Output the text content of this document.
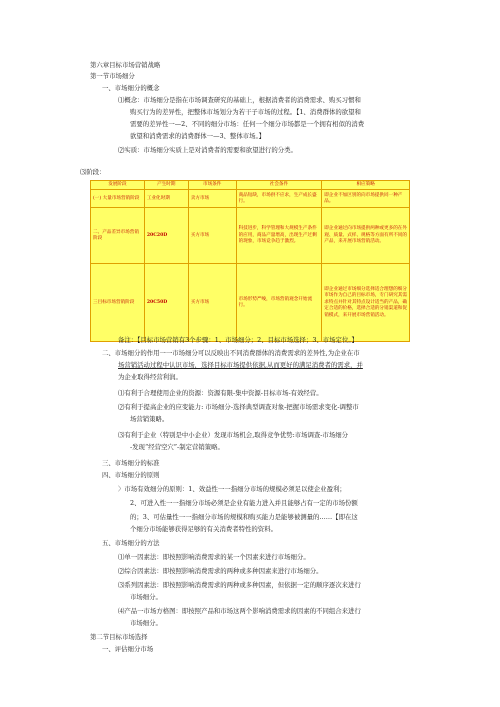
第六章目标市场营销战略
第一节市场细分
一、市场细分的概念
⑴概念：市场细分是指在市场调查研究的基础上，根据消费者的消费需求、购买习惯和
购买行为的差异性，把整体市场划分为若干子市场的过程。【1、消费群体的欲望和
需要的差异性一—2、不同的细分市场：任何一个细分市场都是一个拥有相似的消费
欲望和消费需求的消费群体一—3、整体市场。】
⑵实质：市场细分实质上是对消费者的需要和欲望进行的分类。
⑶阶段：
发展阶段	产生时期	市场条件	社会条件	相应策略
(一) 大量市场营销阶段	工业化时期	卖方市场	商品短缺，市场供不应求，生产成长盛行。	即企业不加区别的向市场提供同一种产品。
二、产品差异市场营销阶段	20C20D	买方市场	科技进步，科学管理和大规模生产条件的应用，商品产量增高，出现生产过剩的现象，市场竞争趋于激烈。	即企业通过向市场提供两种或更多的在外观、质量、式样、规格等方面有所不同的产品，来开展市场营销活动。
三目标市场营销阶段	20C50D	买方市场	市场形势严峻，市场营销观念开始流行。	即企业通过市场细分选择适合理想的细分市场作为自己的目标市场，专门研究其需求特点并针对其特点设计适当的产品，确定合适的价格，选择合适的分销渠道和促销模式，来开展市场营销活动。
备注：【目标市场营销有3个步骤：1、市场细分；2、目标市场选择；3、市场定位。】
二、市场细分的作用一一市场细分可以反映出不同消费群体的消费需求的差异性,为企业在市
场营销活动过程中认识市场，选择目标市场提供依据,从而更好的满足消费者的需求，并
为企业取得经营利润。
⑴有利于合理使用企业的资源：资源有限-集中资源-目标市场-有效经营。
⑵有利于提高企业的应变能力: 市场细分-选择典型调查对象-把握市场需求变化-调整市
场营销策略。
⑶有利于企业（特别是中小企业）发现市场机会,取得竞争优势:市场调查-市场细分
-发现“经营空穴”-制定营销策略。
三、市场细分的标准
四、市场细分的原则
〉市场有效细分的原则：1、效益性一一指细分市场的规模必须足以使企业盈利；
2、可进入性一一指细分市场必须是企业有能力进入并且能够占有一定的市场份额
的；3、可估量性一一指细分市场的规模和购买能力是能够被测量的……【即在这
个细分市场能够获得足够的有关消费者特性的资料。
五、市场细分的方法
⑴单一因素法：即按照影响消费需求的某一个因素来进行市场细分。
⑵综合因素法：即按照影响消费需求的两种或多种因素来进行市场细分。
⑶系列因素法：即按照影响消费需求的两种或多种因素，但依据一定的顺序逐次来进行
市场细分。
⑷产品一市场方格图：即按照产品和市场这两个影响消费需求的因素的不同组合来进行
市场细分。
第二节目标市场选择
一、评估细分市场
